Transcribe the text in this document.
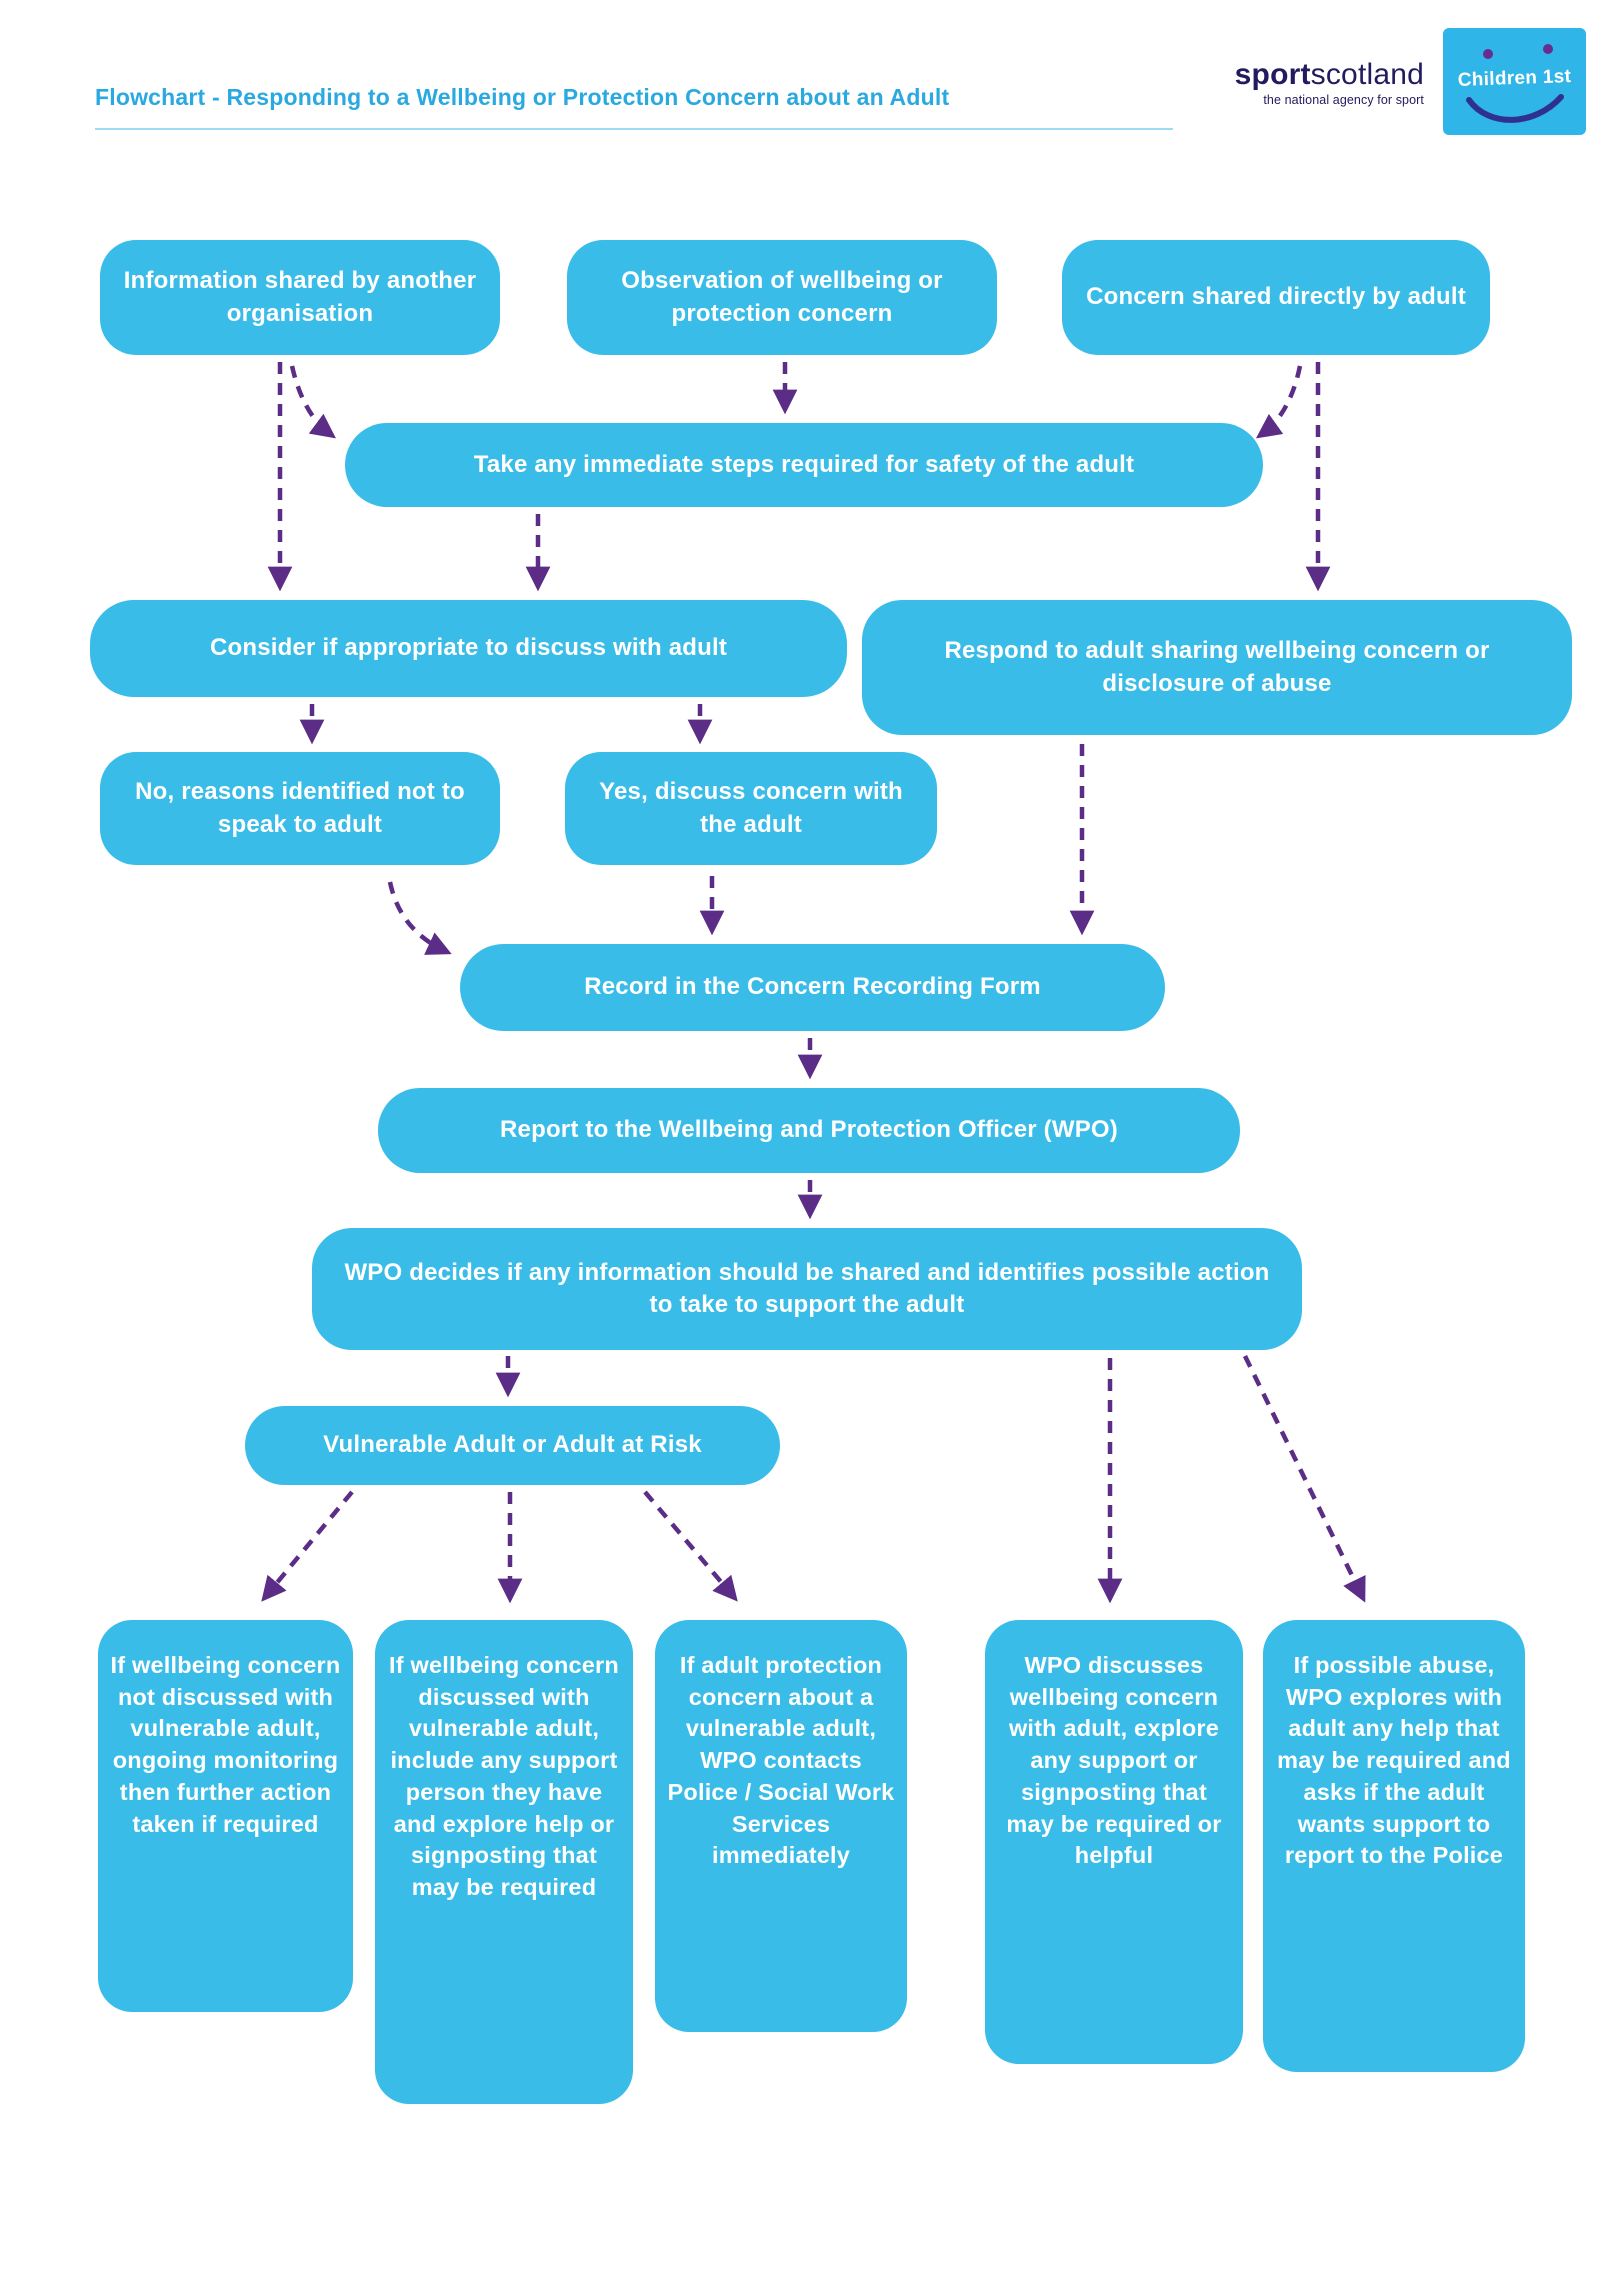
Flowchart - Responding to a Wellbeing or Protection Concern about an Adult
sportscotland
the national agency for sport
Children 1st
Information shared by another organisation
Observation of wellbeing or protection concern
Concern shared directly by adult
Take any immediate steps required for safety of the adult
Consider if appropriate to discuss with adult	Respond to adult sharing wellbeing concern or disclosure of abuse
No, reasons identified not to speak to adult
Yes, discuss concern with the adult
Record in the Concern Recording Form
Report to the Wellbeing and Protection Officer (WPO)
WPO decides if any information should be shared and identifies possible action to take to support the adult
Vulnerable Adult or Adult at Risk
If wellbeing concern not discussed with vulnerable adult, ongoing monitoring then further action taken if required
If wellbeing concern discussed with vulnerable adult, include any support person they have and explore help or signposting that may be required
If adult protection concern about a vulnerable adult, WPO contacts Police / Social Work Services immediately
WPO discusses wellbeing concern with adult, explore any support or signposting that may be required or helpful
If possible abuse, WPO explores with adult any help that may be required and asks if the adult wants support to report to the Police
